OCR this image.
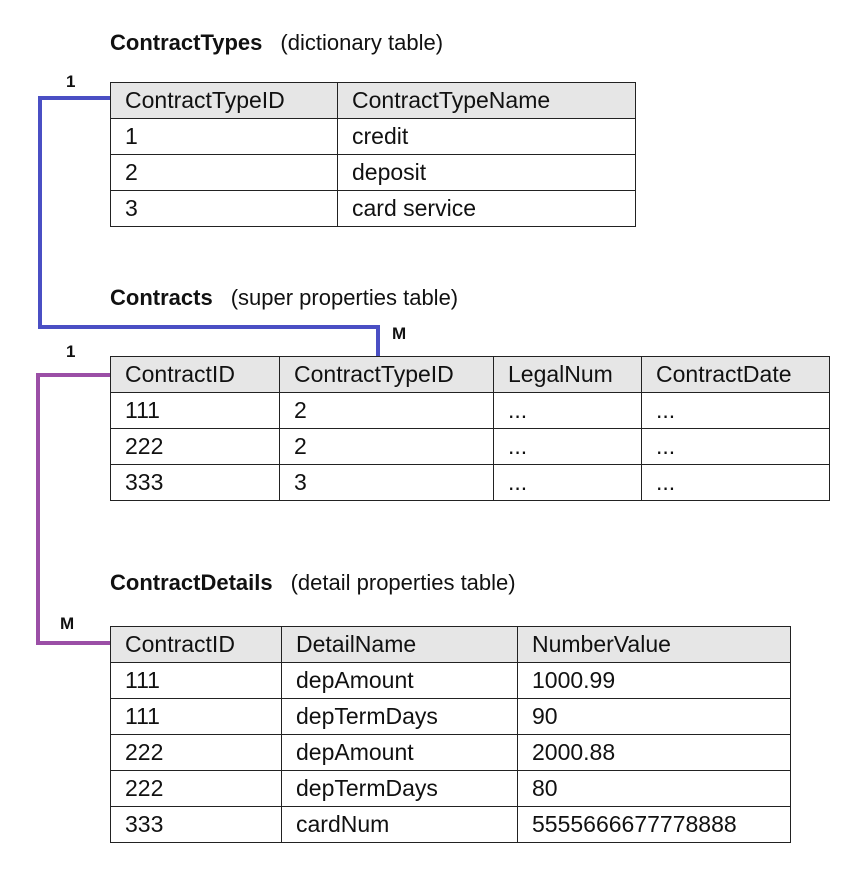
1
M
1
M
ContractTypes (dictionary table)
ContractTypeID	ContractTypeName
1	credit
2	deposit
3	card service
Contracts (super properties table)
ContractID	ContractTypeID	LegalNum	ContractDate
111	2	...	...
222	2	...	...
333	3	...	...
ContractDetails (detail properties table)
ContractID	DetailName	NumberValue
111	depAmount	1000.99
111	depTermDays	90
222	depAmount	2000.88
222	depTermDays	80
333	cardNum	5555666677778888
